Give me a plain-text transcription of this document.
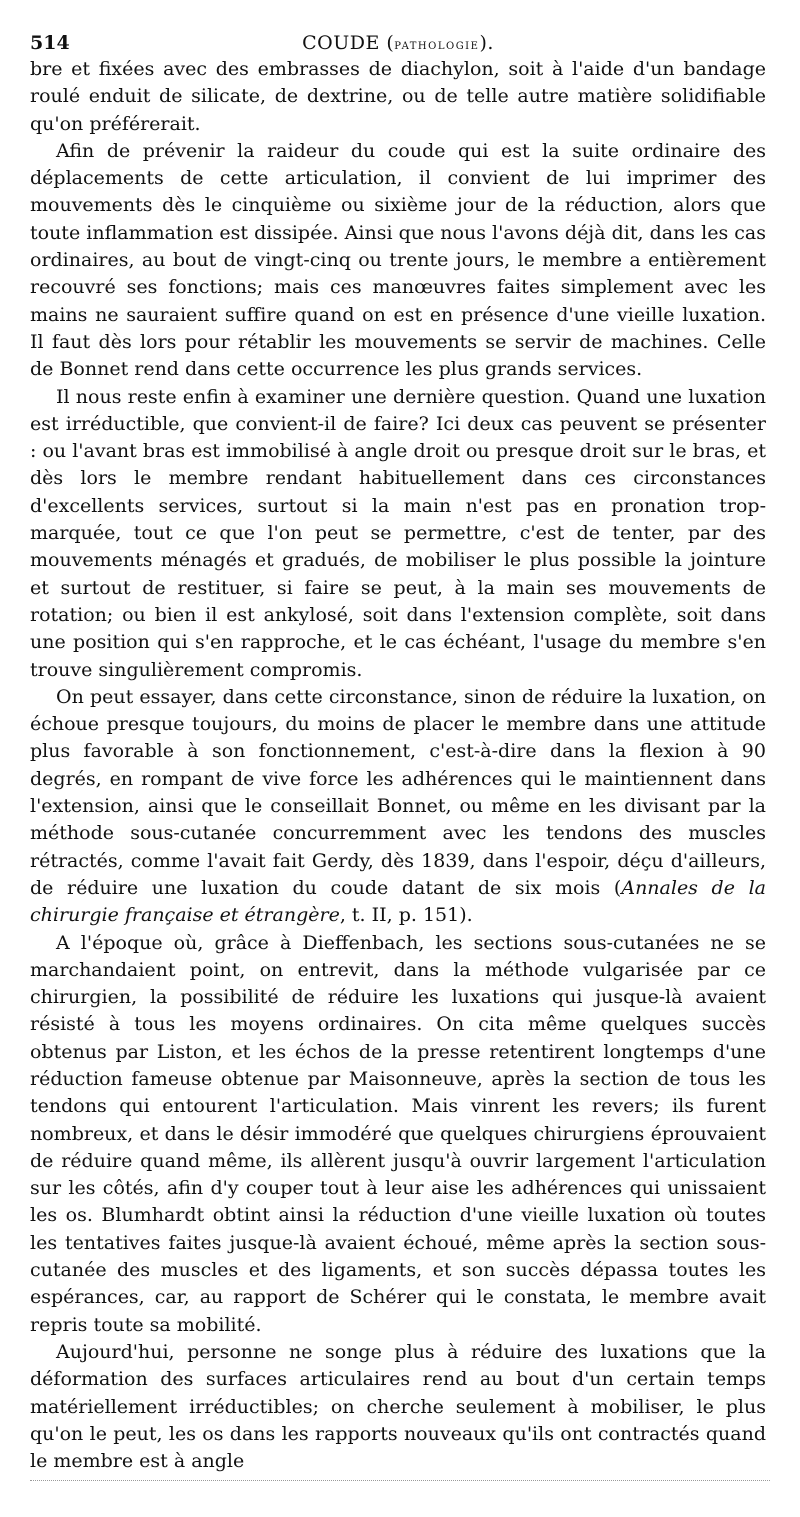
514	COUDE (pathologie).

bre et fixées avec des embrasses de diachylon, soit à l'aide d'un bandage roulé enduit de silicate, de dextrine, ou de telle autre matière solidifiable qu'on préférerait.

Afin de prévenir la raideur du coude qui est la suite ordinaire des déplacements de cette articulation, il convient de lui imprimer des mouvements dès le cinquième ou sixième jour de la réduction, alors que toute inflammation est dissipée. Ainsi que nous l'avons déjà dit, dans les cas ordinaires, au bout de vingt-cinq ou trente jours, le membre a entièrement recouvré ses fonctions; mais ces manœuvres faites simplement avec les mains ne sauraient suffire quand on est en présence d'une vieille luxation. Il faut dès lors pour rétablir les mouvements se servir de machines. Celle de Bonnet rend dans cette occurrence les plus grands services.

Il nous reste enfin à examiner une dernière question. Quand une luxation est irréductible, que convient-il de faire? Ici deux cas peuvent se présenter : ou l'avant bras est immobilisé à angle droit ou presque droit sur le bras, et dès lors le membre rendant habituellement dans ces circonstances d'excellents services, surtout si la main n'est pas en pronation trop-marquée, tout ce que l'on peut se permettre, c'est de tenter, par des mouvements ménagés et gradués, de mobiliser le plus possible la jointure et surtout de restituer, si faire se peut, à la main ses mouvements de rotation; ou bien il est ankylosé, soit dans l'extension complète, soit dans une position qui s'en rapproche, et le cas échéant, l'usage du membre s'en trouve singulièrement compromis.

On peut essayer, dans cette circonstance, sinon de réduire la luxation, on échoue presque toujours, du moins de placer le membre dans une attitude plus favorable à son fonctionnement, c'est-à-dire dans la flexion à 90 degrés, en rompant de vive force les adhérences qui le maintiennent dans l'extension, ainsi que le conseillait Bonnet, ou même en les divisant par la méthode sous-cutanée concurremment avec les tendons des muscles rétractés, comme l'avait fait Gerdy, dès 1839, dans l'espoir, déçu d'ailleurs, de réduire une luxation du coude datant de six mois (Annales de la chirurgie française et étrangère, t. II, p. 151).

A l'époque où, grâce à Dieffenbach, les sections sous-cutanées ne se marchandaient point, on entrevit, dans la méthode vulgarisée par ce chirurgien, la possibilité de réduire les luxations qui jusque-là avaient résisté à tous les moyens ordinaires. On cita même quelques succès obtenus par Liston, et les échos de la presse retentirent longtemps d'une réduction fameuse obtenue par Maisonneuve, après la section de tous les tendons qui entourent l'articulation. Mais vinrent les revers; ils furent nombreux, et dans le désir immodéré que quelques chirurgiens éprouvaient de réduire quand même, ils allèrent jusqu'à ouvrir largement l'articulation sur les côtés, afin d'y couper tout à leur aise les adhérences qui unissaient les os. Blumhardt obtint ainsi la réduction d'une vieille luxation où toutes les tentatives faites jusque-là avaient échoué, même après la section sous-cutanée des muscles et des ligaments, et son succès dépassa toutes les espérances, car, au rapport de Schérer qui le constata, le membre avait repris toute sa mobilité.

Aujourd'hui, personne ne songe plus à réduire des luxations que la déformation des surfaces articulaires rend au bout d'un certain temps matériellement irréductibles; on cherche seulement à mobiliser, le plus qu'on le peut, les os dans les rapports nouveaux qu'ils ont contractés quand le membre est à angle
